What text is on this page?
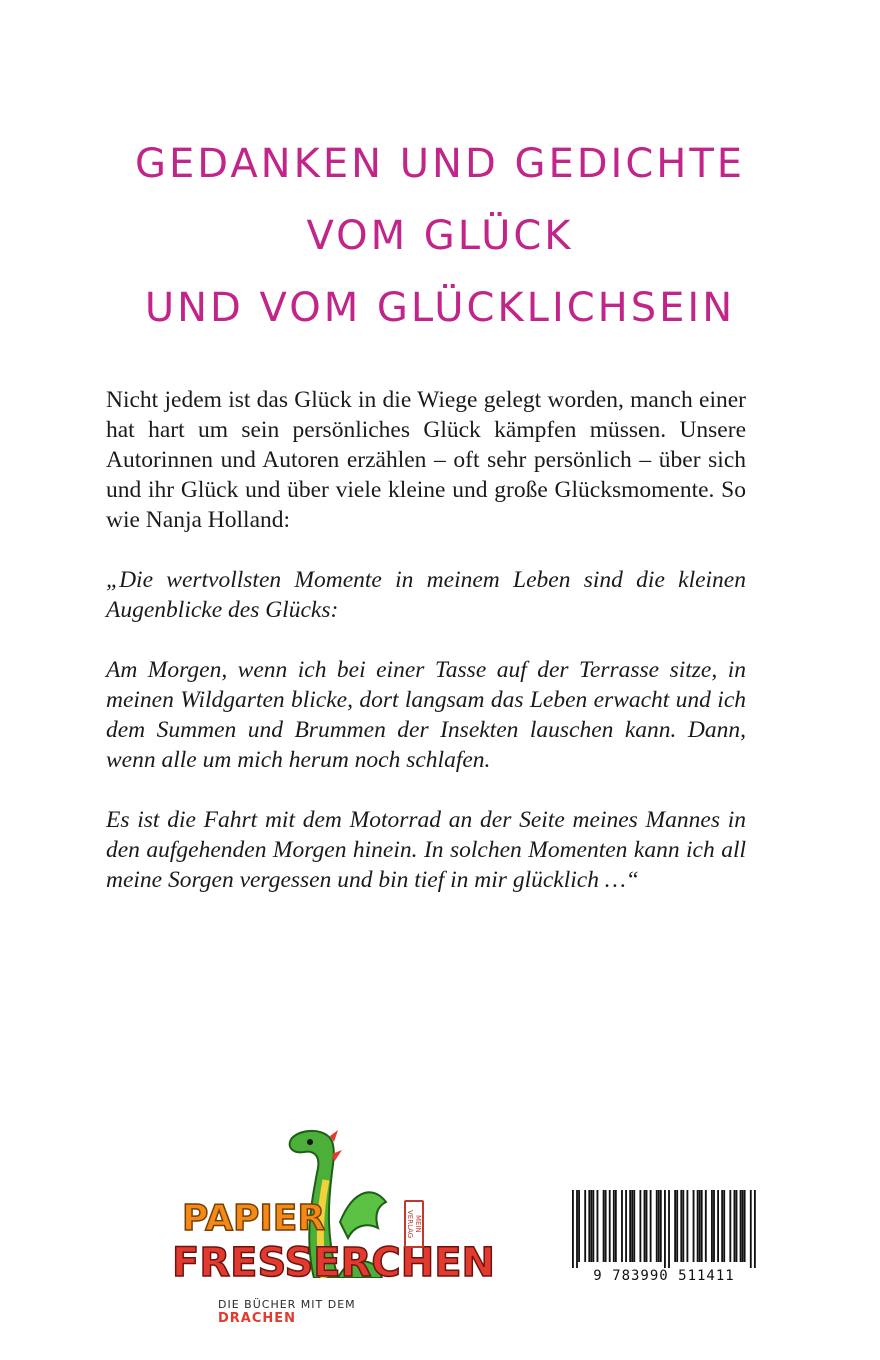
GEDANKEN UND GEDICHTE
VOM GLÜCK
UND VOM GLÜCKLICHSEIN

Nicht jedem ist das Glück in die Wiege gelegt worden, manch einer hat hart um sein persönliches Glück kämpfen müssen. Unsere Autorinnen und Autoren erzählen – oft sehr persönlich – über sich und ihr Glück und über viele kleine und große Glücksmomente. So wie Nanja Holland:

„Die wertvollsten Momente in meinem Leben sind die kleinen Augenblicke des Glücks:

Am Morgen, wenn ich bei einer Tasse auf der Terrasse sitze, in meinen Wildgarten blicke, dort langsam das Leben erwacht und ich dem Summen und Brummen der Insekten lauschen kann. Dann, wenn alle um mich herum noch schlafen.

Es ist die Fahrt mit dem Motorrad an der Seite meines Mannes in den aufgehenden Morgen hinein. In solchen Momenten kann ich all meine Sorgen vergessen und bin tief in mir glücklich …“

PAPIER
FRESSERCHEN
MEIN VERLAG
DIE BÜCHER MIT DEM DRACHEN
9 783990 511411
